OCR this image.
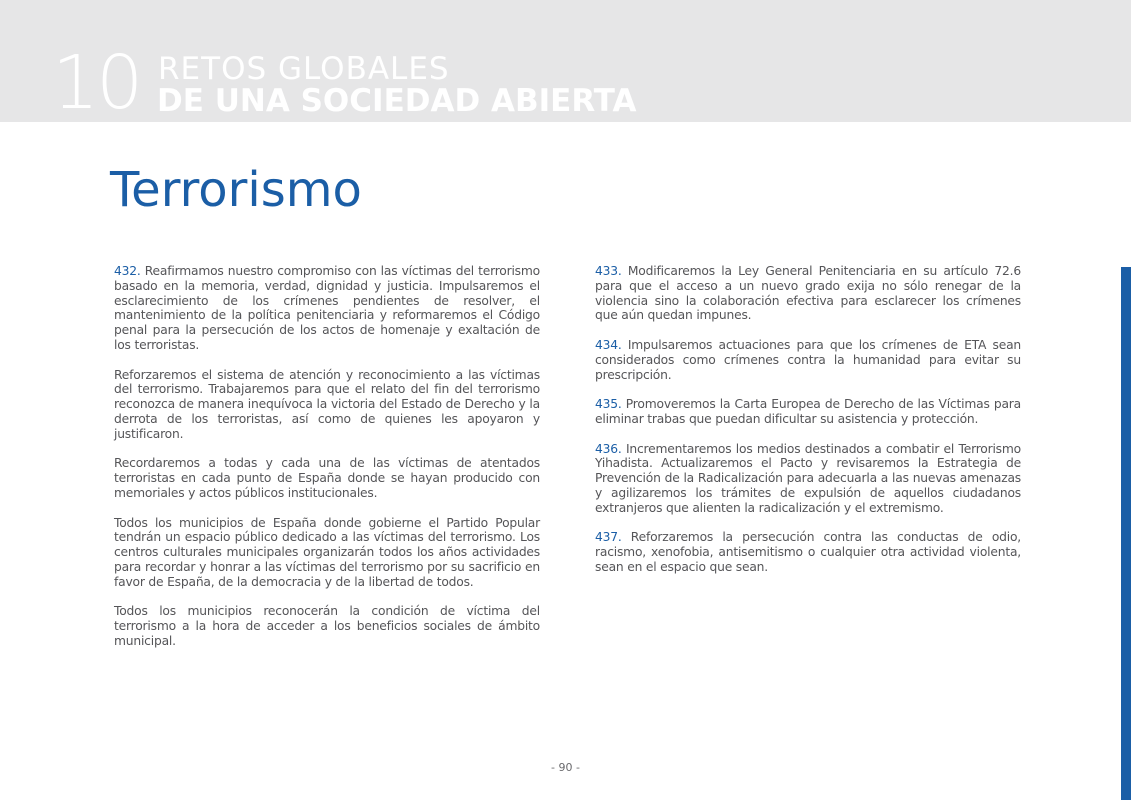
10 RETOS GLOBALES
DE UNA SOCIEDAD ABIERTA
Terrorismo

432. Reafirmamos nuestro compromiso con las víctimas del terrorismo basado en la memoria, verdad, dignidad y justicia. Impulsaremos el esclarecimiento de los crímenes pendientes de resolver, el mantenimiento de la política penitenciaria y reformaremos el Código penal para la persecución de los actos de homenaje y exaltación de los terroristas.

Reforzaremos el sistema de atención y reconocimiento a las víctimas del terrorismo. Trabajaremos para que el relato del fin del terrorismo reconozca de manera inequívoca la victoria del Estado de Derecho y la derrota de los terroristas, así como de quienes les apoyaron y justificaron.

Recordaremos a todas y cada una de las víctimas de atentados terroristas en cada punto de España donde se hayan producido con memoriales y actos públicos institucionales.

Todos los municipios de España donde gobierne el Partido Popular tendrán un espacio público dedicado a las víctimas del terrorismo. Los centros culturales municipales organizarán todos los años actividades para recordar y honrar a las víctimas del terrorismo por su sacrificio en favor de España, de la democracia y de la libertad de todos.

Todos los municipios reconocerán la condición de víctima del terrorismo a la hora de acceder a los beneficios sociales de ámbito municipal.

433. Modificaremos la Ley General Penitenciaria en su artículo 72.6 para que el acceso a un nuevo grado exija no sólo renegar de la violencia sino la colaboración efectiva para esclarecer los crímenes que aún quedan impunes.

434. Impulsaremos actuaciones para que los crímenes de ETA sean considerados como crímenes contra la humanidad para evitar su prescripción.

435. Promoveremos la Carta Europea de Derecho de las Víctimas para eliminar trabas que puedan dificultar su asistencia y protección.

436. Incrementaremos los medios destinados a combatir el Terrorismo Yihadista. Actualizaremos el Pacto y revisaremos la Estrategia de Prevención de la Radicalización para adecuarla a las nuevas amenazas y agilizaremos los trámites de expulsión de aquellos ciudadanos extranjeros que alienten la radicalización y el extremismo.

437. Reforzaremos la persecución contra las conductas de odio, racismo, xenofobia, antisemitismo o cualquier otra actividad violenta, sean en el espacio que sean.

- 90 -
